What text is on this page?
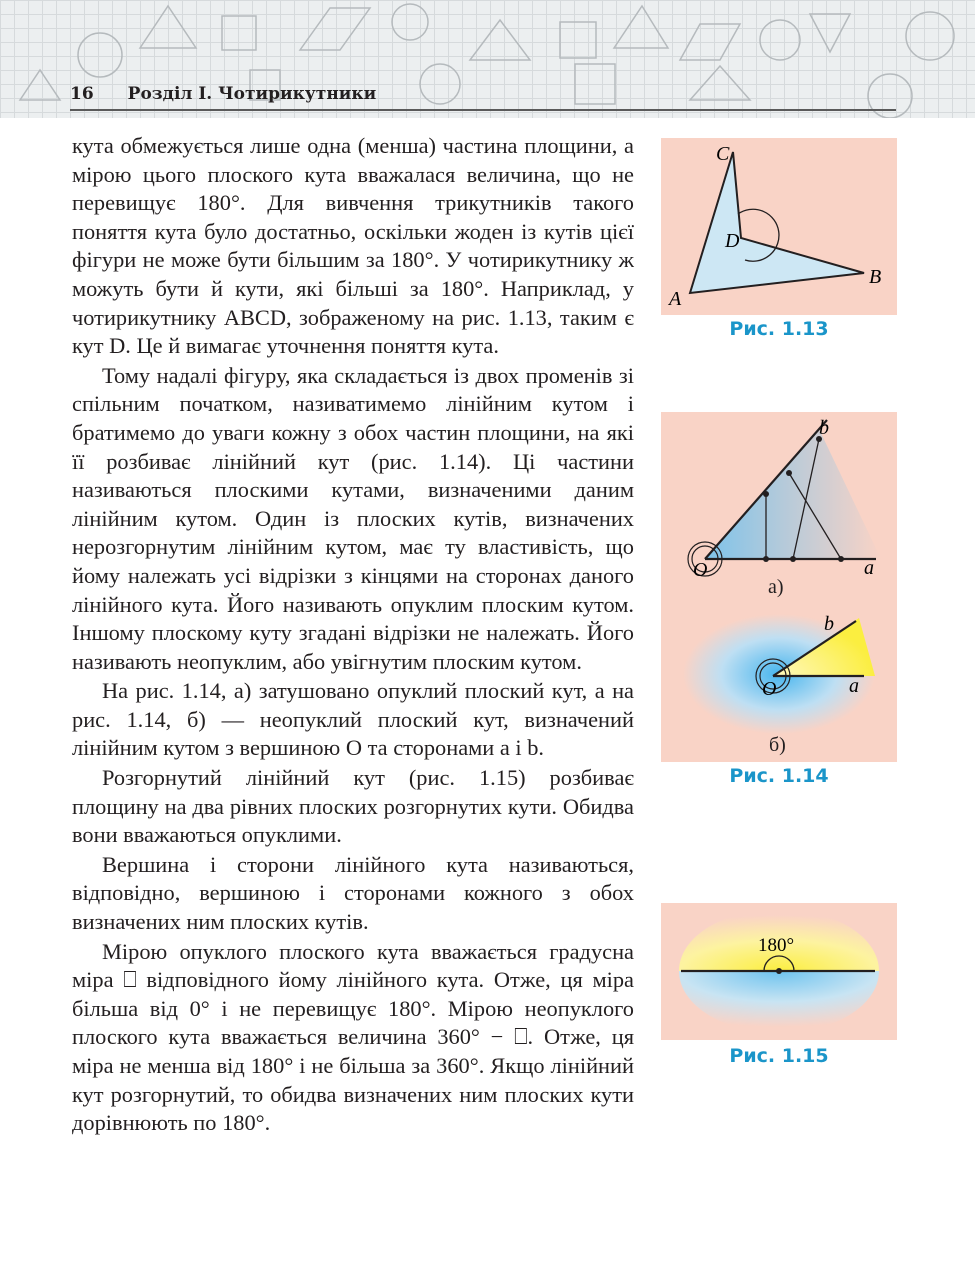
16 Розділ I. Чотирикутники

кута обмежується лише одна (менша) частина площини, а мірою цього плоского кута вважалася величина, що не перевищує 180°. Для вивчення трикутників такого поняття кута було достатньо, оскільки жоден із кутів цієї фігури не може бути більшим за 180°. У чотирикутнику ж можуть бути й кути, які більші за 180°. Наприклад, у чотирикутнику ABCD, зображеному на рис. 1.13, таким є кут D. Це й вимагає уточнення поняття кута.

Тому надалі фігуру, яка складається із двох променів зі спільним початком, називатимемо лінійним кутом і братимемо до уваги кожну з обох частин площини, на які її розбиває лінійний кут (рис. 1.14). Ці частини називаються плоскими кутами, визначеними даним лінійним кутом. Один із плоских кутів, визначених нерозгорнутим лінійним кутом, має ту властивість, що йому належать усі відрізки з кінцями на сторонах даного лінійного кута. Його називають опуклим плоским кутом. Іншому плоскому куту згадані відрізки не належать. Його називають неопуклим, або увігнутим плоским кутом.

На рис. 1.14, а) затушовано опуклий плоский кут, а на рис. 1.14, б) — неопуклий плоский кут, визначений лінійним кутом з вершиною O та сторонами a і b.

Розгорнутий лінійний кут (рис. 1.15) розбиває площину на два рівних плоских розгорнутих кути. Обидва вони вважаються опуклими.

Вершина і сторони лінійного кута називаються, відповідно, вершиною і сторонами кожного з обох визначених ним плоских кутів.

Мірою опуклого плоского кута вважається градусна міра ⎕ відповідного йому лінійного кута. Отже, ця міра більша від 0° і не перевищує 180°. Мірою неопуклого плоского кута вважається величина 360° − ⎕. Отже, ця міра не менша від 180° і не більша за 360°. Якщо лінійний кут розгорнутий, то обидва визначених ним плоских кути дорівнюють по 180°.

A
B
C
D
Рис. 1.13
O	a
b
O	a
b
а)
б)
Рис. 1.14
180°
Рис. 1.15
